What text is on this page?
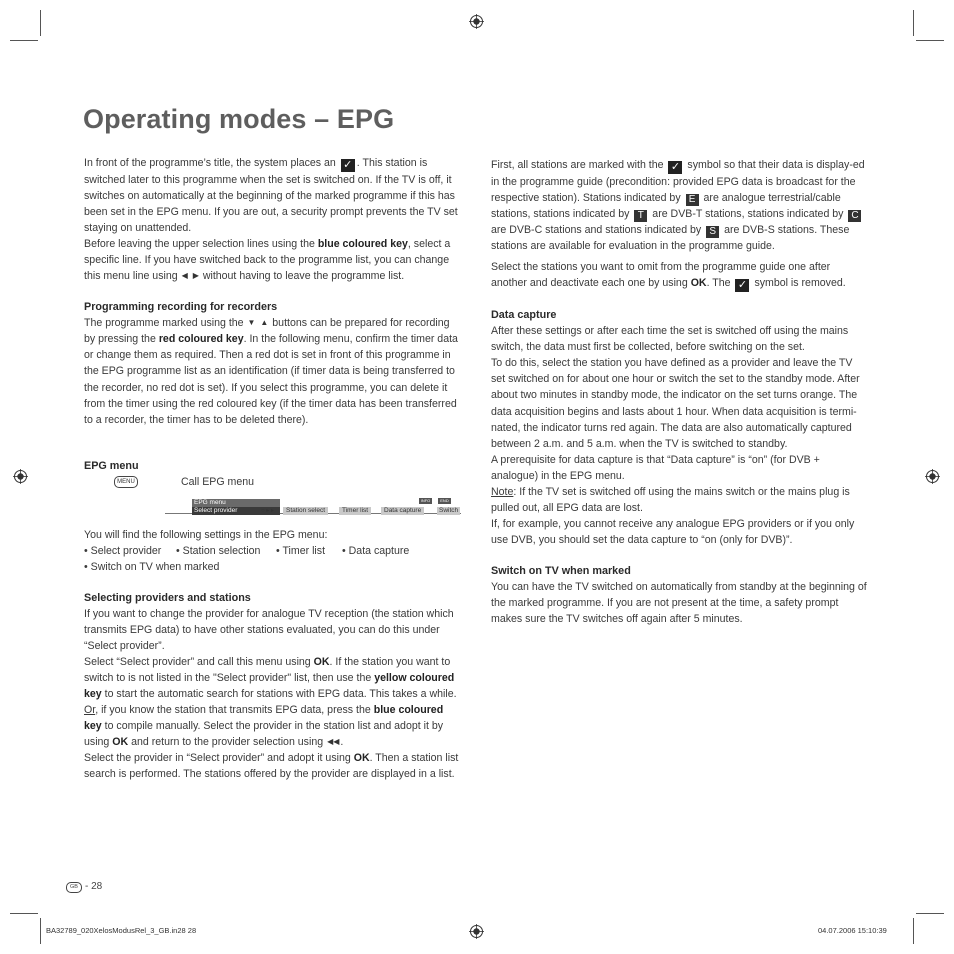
Operating modes – EPG

In front of the programme’s title, the system places an ✓ . This station is switched later to this programme when the set is switched on. If the TV is off, it switches on automatically at the beginning of the marked programme if this has been set in the EPG menu. If you are out, a security prompt prevents the TV set staying on unattended.

Before leaving the upper selection lines using the blue coloured key, select a specific line. If you have switched back to the programme list, you can change this menu line using ◀ ▶ without having to leave the programme list.

Programming recording for recorders

The programme marked using the ▼ ▲ buttons can be prepared for recording by pressing the red coloured key. In the following menu, confirm the timer data or change them as required. Then a red dot is set in front of this programme in the EPG programme list as an identification (if timer data is being transferred to the recorder, no red dot is set). If you select this programme, you can delete it from the timer using the red coloured key (if the timer data has been transferred to a recorder, the timer has to be deleted there).

EPG menu
MENU	Call EPG menu
INFO	END
EPG menu
Select provider	○ ▸ ▸	Station select	Timer list	Data capture	Switch

You will find the following settings in the EPG menu:

• Select provider	• Station selection	• Timer list	• Data capture

• Switch on TV when marked

Selecting providers and stations

If you want to change the provider for analogue TV reception (the station which transmits EPG data) to have other stations evaluated, you can do this under “Select provider”.

Select “Select provider” and call this menu using OK. If the station you want to switch to is not listed in the "Select provider" list, then use the yellow coloured key to start the automatic search for stations with EPG data. This takes a while.

Or, if you know the station that transmits EPG data, press the blue coloured key to compile manually. Select the provider in the station list and adopt it by using OK and return to the provider selection using ◀◀.

Select the provider in “Select provider” and adopt it using OK. Then a station list search is performed. The stations offered by the provider are displayed in a list.

First, all stations are marked with the ✓ symbol so that their data is display-ed in the programme guide (precondition: provided EPG data is broadcast for the respective station). Stations indicated by E are analogue terrestrial/cable stations, stations indicated by T are DVB-T stations, stations indicated by C are DVB-C stations and stations indicated by S are DVB-S stations. These stations are available for evaluation in the programme guide.

Select the stations you want to omit from the programme guide one after another and deactivate each one by using OK. The ✓ symbol is removed.

Data capture

After these settings or after each time the set is switched off using the mains switch, the data must first be collected, before switching on the set.

To do this, select the station you have defined as a provider and leave the TV set switched on for about one hour or switch the set to the standby mode. After about two minutes in standby mode, the indicator on the set turns orange. The data acquisition begins and lasts about 1 hour. When data acquisition is termi-nated, the indicator turns red again. The data are also automatically captured between 2 a.m. and 5 a.m. when the TV is switched to standby.

A prerequisite for data capture is that “Data capture” is “on” (for DVB + analogue) in the EPG menu.

Note: If the TV set is switched off using the mains switch or the mains plug is pulled out, all EPG data are lost.

If, for example, you cannot receive any analogue EPG providers or if you only use DVB, you should set the data capture to “on (only for DVB)”.

Switch on TV when marked

You can have the TV switched on automatically from standby at the beginning of the marked programme. If you are not present at the time, a safety prompt makes sure the TV switches off again after 5 minutes.

GB - 28
BA32789_020XelosModusRel_3_GB.in28 28	04.07.2006 15:10:39
